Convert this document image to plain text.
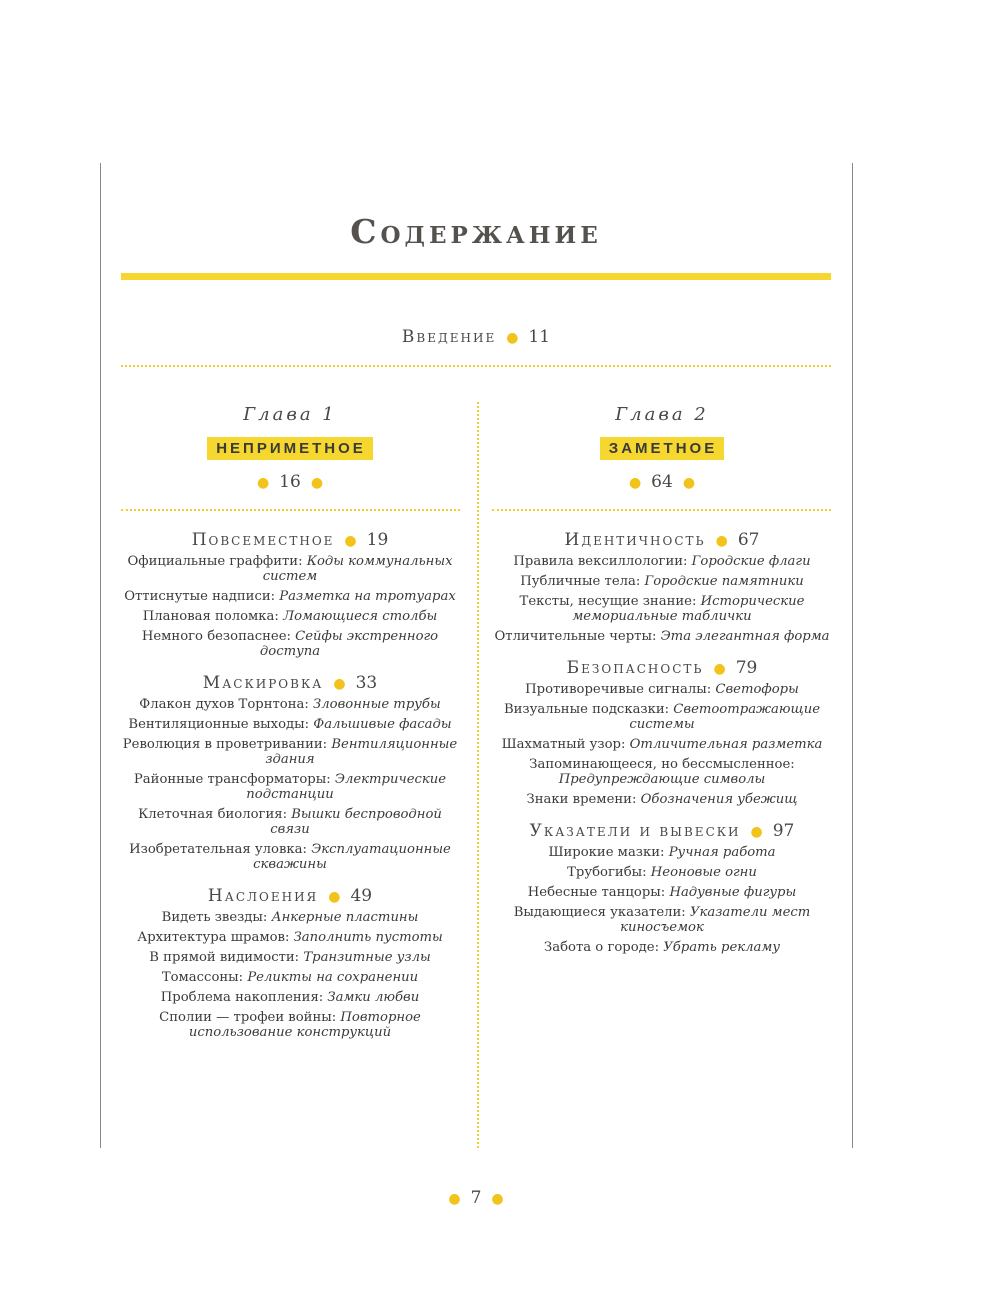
Содержание
Введение ● 11
Глава 1
НЕПРИМЕТНОЕ
● 16 ●
Глава 2
ЗАМЕТНОЕ
● 64 ●
Повсеместное ● 19
Официальные граффити: Коды коммунальных систем
Оттиснутые надписи: Разметка на тротуарах
Плановая поломка: Ломающиеся столбы
Немного безопаснее: Сейфы экстренного доступа
Маскировка ● 33
Флакон духов Торнтона: Зловонные трубы
Вентиляционные выходы: Фальшивые фасады
Революция в проветривании: Вентиляционные здания
Районные трансформаторы: Электрические подстанции
Клеточная биология: Вышки беспроводной связи
Изобретательная уловка: Эксплуатационные скважины
Наслоения ● 49
Видеть звезды: Анкерные пластины
Архитектура шрамов: Заполнить пустоты
В прямой видимости: Транзитные узлы
Томассоны: Реликты на сохранении
Проблема накопления: Замки любви
Сполии — трофеи войны: Повторное использование конструкций
Идентичность ● 67
Правила вексиллологии: Городские флаги
Публичные тела: Городские памятники
Тексты, несущие знание: Исторические мемориальные таблички
Отличительные черты: Эта элегантная форма
Безопасность ● 79
Противоречивые сигналы: Светофоры
Визуальные подсказки: Светоотражающие системы
Шахматный узор: Отличительная разметка
Запоминающееся, но бессмысленное: Предупреждающие символы
Знаки времени: Обозначения убежищ
Указатели и вывески ● 97
Широкие мазки: Ручная работа
Трубогибы: Неоновые огни
Небесные танцоры: Надувные фигуры
Выдающиеся указатели: Указатели мест киносъемок
Забота о городе: Убрать рекламу
● 7 ●
